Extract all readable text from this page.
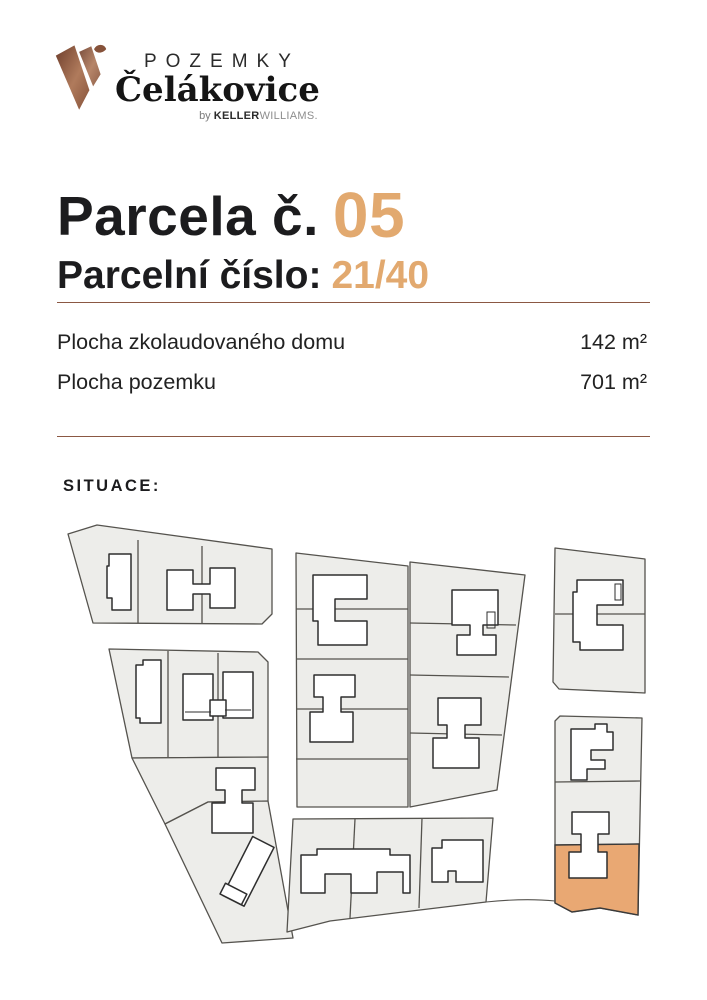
POZEMKY
Čelákovice
by KELLERWILLIAMS.
Parcela č. 05
Parcelní číslo: 21/40
Plocha zkolaudovaného domu	142 m²
Plocha pozemku	701 m²
SITUACE:
